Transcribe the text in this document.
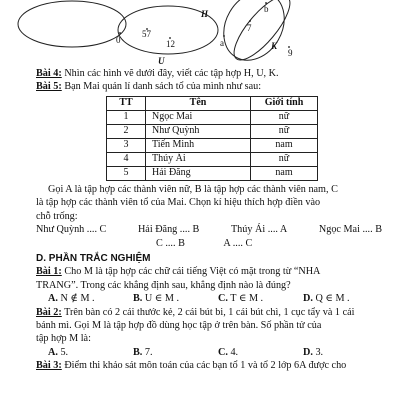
H
U
0
57
12	K
b
7
a
9

Bài 4: Nhìn các hình vẽ dưới đây, viết các tập hợp H, U, K.

Bài 5: Bạn Mai quản lí danh sách tổ của mình như sau:

TT	Tên	Giới tính
1	Ngọc Mai	nữ
2	Như Quỳnh	nữ
3	Tiến Minh	nam
4	Thúy Ái	nữ
5	Hải Đăng	nam

Gọi A là tập hợp các thành viên nữ, B là tập hợp các thành viên nam, C

là tập hợp các thành viên tổ của Mai. Chọn kí hiệu thích hợp điền vào

chỗ trống:

Như Quỳnh .... C	Hải Đăng .... B	Thúy Ái .... A	Ngọc Mai .... B
C .... B	A .... C

D. PHẦN TRẮC NGHIỆM

Bài 1: Cho M là tập hợp các chữ cái tiếng Việt có mặt trong từ “NHA

TRANG”. Trong các khẳng định sau, khẳng định nào là đúng?

A. N ∉ M .	B. U ∈ M .	C. T ∈ M .	D. Q ∈ M .

Bài 2: Trên bàn có 2 cái thước kẻ, 2 cái bút bi, 1 cái bút chì, 1 cục tẩy và 1 cái

bánh mì. Gọi M là tập hợp đồ dùng học tập ở trên bàn. Số phần tử của

tập hợp M là:

A. 5.	B. 7.	C. 4.	D. 3.

Bài 3: Điểm thi khảo sát môn toán của các bạn tổ 1 và tổ 2 lớp 6A được cho
